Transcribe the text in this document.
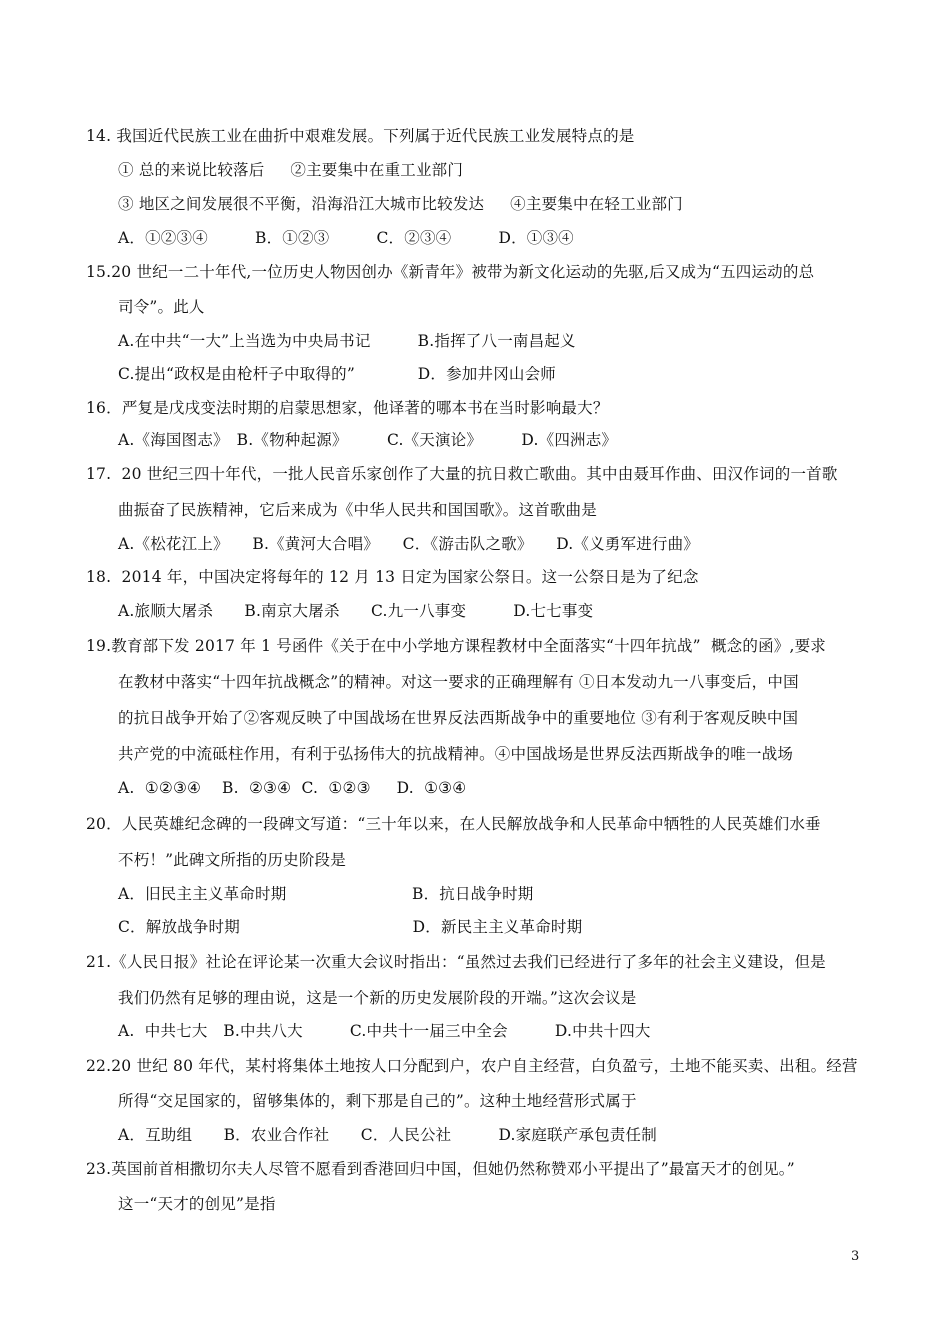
14. 我国近代民族工业在曲折中艰难发展。下列属于近代民族工业发展特点的是
① 总的来说比较落后　  ②主要集中在重工业部门
③ 地区之间发展很不平衡，沿海沿江大城市比较发达　  ④主要集中在轻工业部门
A．①②③④　　　B．①②③　　　C．②③④　　　D．①③④
15.20 世纪一二十年代,一位历史人物因创办《新青年》被带为新文化运动的先驱,后又成为“五四运动的总
司令”。此人
A.在中共“一大”上当选为中央局书记　　　B.指挥了八一南昌起义
C.提出“政权是由枪杆子中取得的”　　　　D．参加井冈山会师
16．严复是戊戌变法时期的启蒙思想家，他译著的哪本书在当时影响最大？
A.《海国图志》　B.《物种起源》　　　C.《天演论》　　　D.《四洲志》
17.  20 世纪三四十年代，一批人民音乐家创作了大量的抗日救亡歌曲。其中由聂耳作曲、田汉作词的一首歌
曲振奋了民族精神，它后来成为《中华人民共和国国歌》。这首歌曲是
A.《松花江上》　　B.《黄河大合唱》　　C．《游击队之歌》　　D.《义勇军进行曲》
18.  2014 年，中国决定将每年的 12 月 13 日定为国家公祭日。这一公祭日是为了纪念
A.旅顺大屠杀　　B.南京大屠杀　　C.九一八事变　　　D.七七事变
19.教育部下发 2017 年 1 号函件《关于在中小学地方课程教材中全面落实“十四年抗战”  概念的函》,要求
在教材中落实“十四年抗战概念”的精神。对这一要求的正确理解有 ①日本发动九一八事变后，中国
的抗日战争开始了②客观反映了中国战场在世界反法西斯战争中的重要地位 ③有利于客观反映中国
共产党的中流砥柱作用，有利于弘扬伟大的抗战精神。④中国战场是世界反法西斯战争的唯一战场
A.  ①②③④　 B.  ②③④  C.  ①②③　  D.  ①③④
20．人民英雄纪念碑的一段碑文写道：“三十年以来，在人民解放战争和人民革命中牺牲的人民英雄们水垂
不朽！”此碑文所指的历史阶段是
A．旧民主主义革命时期　　　　　　　　B．抗日战争时期
C．解放战争时期　　　　　　　　　　　D．新民主主义革命时期
21.《人民日报》社论在评论某一次重大会议时指出：“虽然过去我们已经进行了多年的社会主义建设，但是
我们仍然有足够的理由说，这是一个新的历史发展阶段的开端。”这次会议是
A.  中共七大　B.中共八大　　　C.中共十一届三中全会　　　D.中共十四大
22.20 世纪 80 年代，某村将集体土地按人口分配到户，农户自主经营，白负盈亏，土地不能买卖、出租。经营
所得“交足国家的，留够集体的，剩下那是自己的”。这种土地经营形式属于
A．互助组　　B．农业合作社　　C．人民公社　　　D.家庭联产承包责任制
23.英国前首相撒切尔夫人尽管不愿看到香港回归中国，但她仍然称赞邓小平提出了”最富天才的创见。”
这一“天才的创见”是指
3
